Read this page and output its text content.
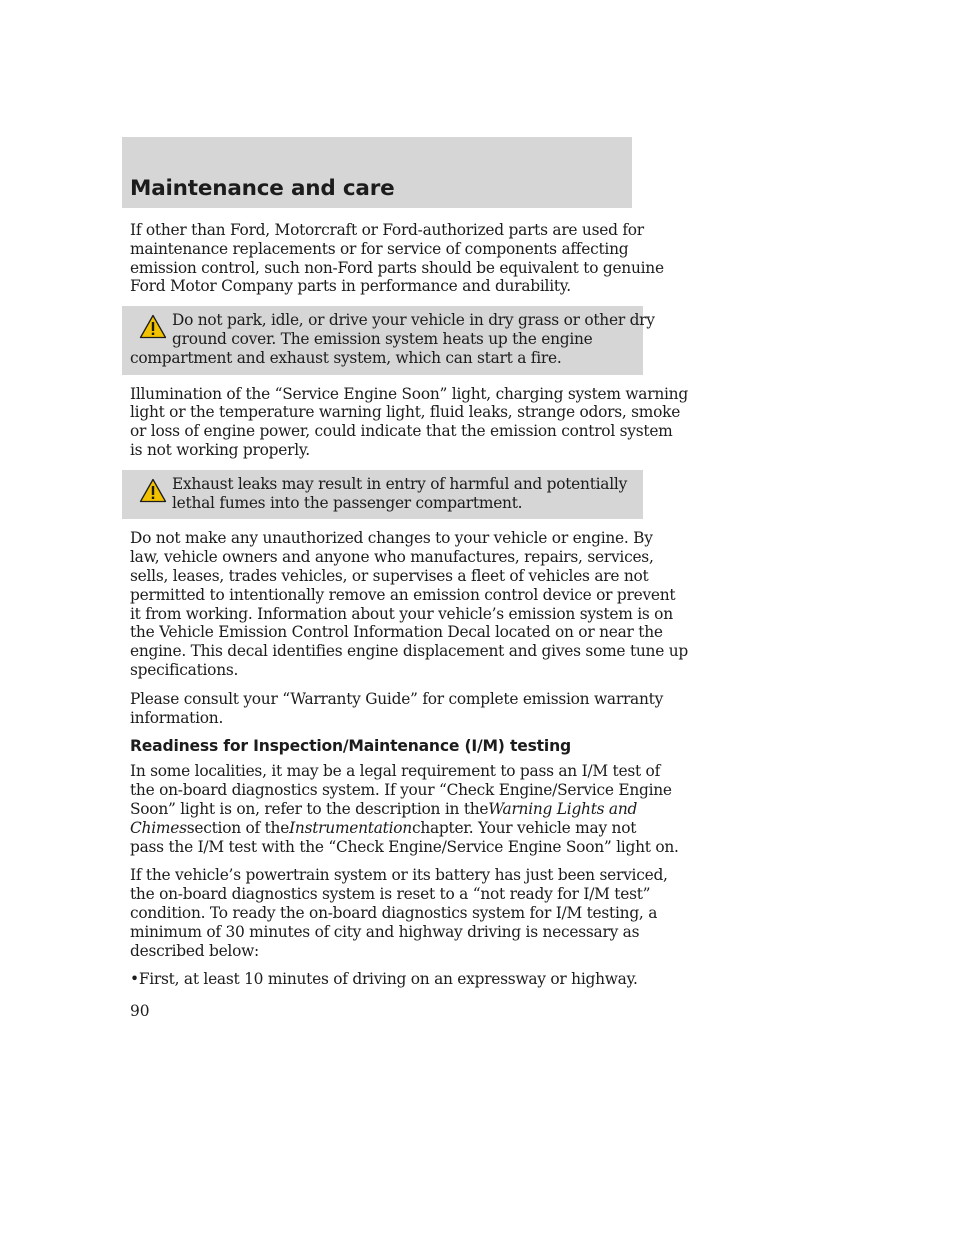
Maintenance and care

If other than Ford, Motorcraft or Ford-authorized parts are used for
maintenance replacements or for service of components affecting
emission control, such non-Ford parts should be equivalent to genuine
Ford Motor Company parts in performance and durability.

Do not park, idle, or drive your vehicle in dry grass or other dry
ground cover. The emission system heats up the engine
compartment and exhaust system, which can start a fire.

Illumination of the “Service Engine Soon” light, charging system warning
light or the temperature warning light, fluid leaks, strange odors, smoke
or loss of engine power, could indicate that the emission control system
is not working properly.

Exhaust leaks may result in entry of harmful and potentially
lethal fumes into the passenger compartment.

Do not make any unauthorized changes to your vehicle or engine. By
law, vehicle owners and anyone who manufactures, repairs, services,
sells, leases, trades vehicles, or supervises a fleet of vehicles are not
permitted to intentionally remove an emission control device or prevent
it from working. Information about your vehicle’s emission system is on
the Vehicle Emission Control Information Decal located on or near the
engine. This decal identifies engine displacement and gives some tune up
specifications.

Please consult your “Warranty Guide” for complete emission warranty
information.

Readiness for Inspection/Maintenance (I/M) testing

In some localities, it may be a legal requirement to pass an I/M test of
the on-board diagnostics system. If your “Check Engine/Service Engine
Soon” light is on, refer to the description in theWarning Lights and
Chimessection of theInstrumentationchapter. Your vehicle may not
pass the I/M test with the “Check Engine/Service Engine Soon” light on.

If the vehicle’s powertrain system or its battery has just been serviced,
the on-board diagnostics system is reset to a “not ready for I/M test”
condition. To ready the on-board diagnostics system for I/M testing, a
minimum of 30 minutes of city and highway driving is necessary as
described below:

• First, at least 10 minutes of driving on an expressway or highway.
90
